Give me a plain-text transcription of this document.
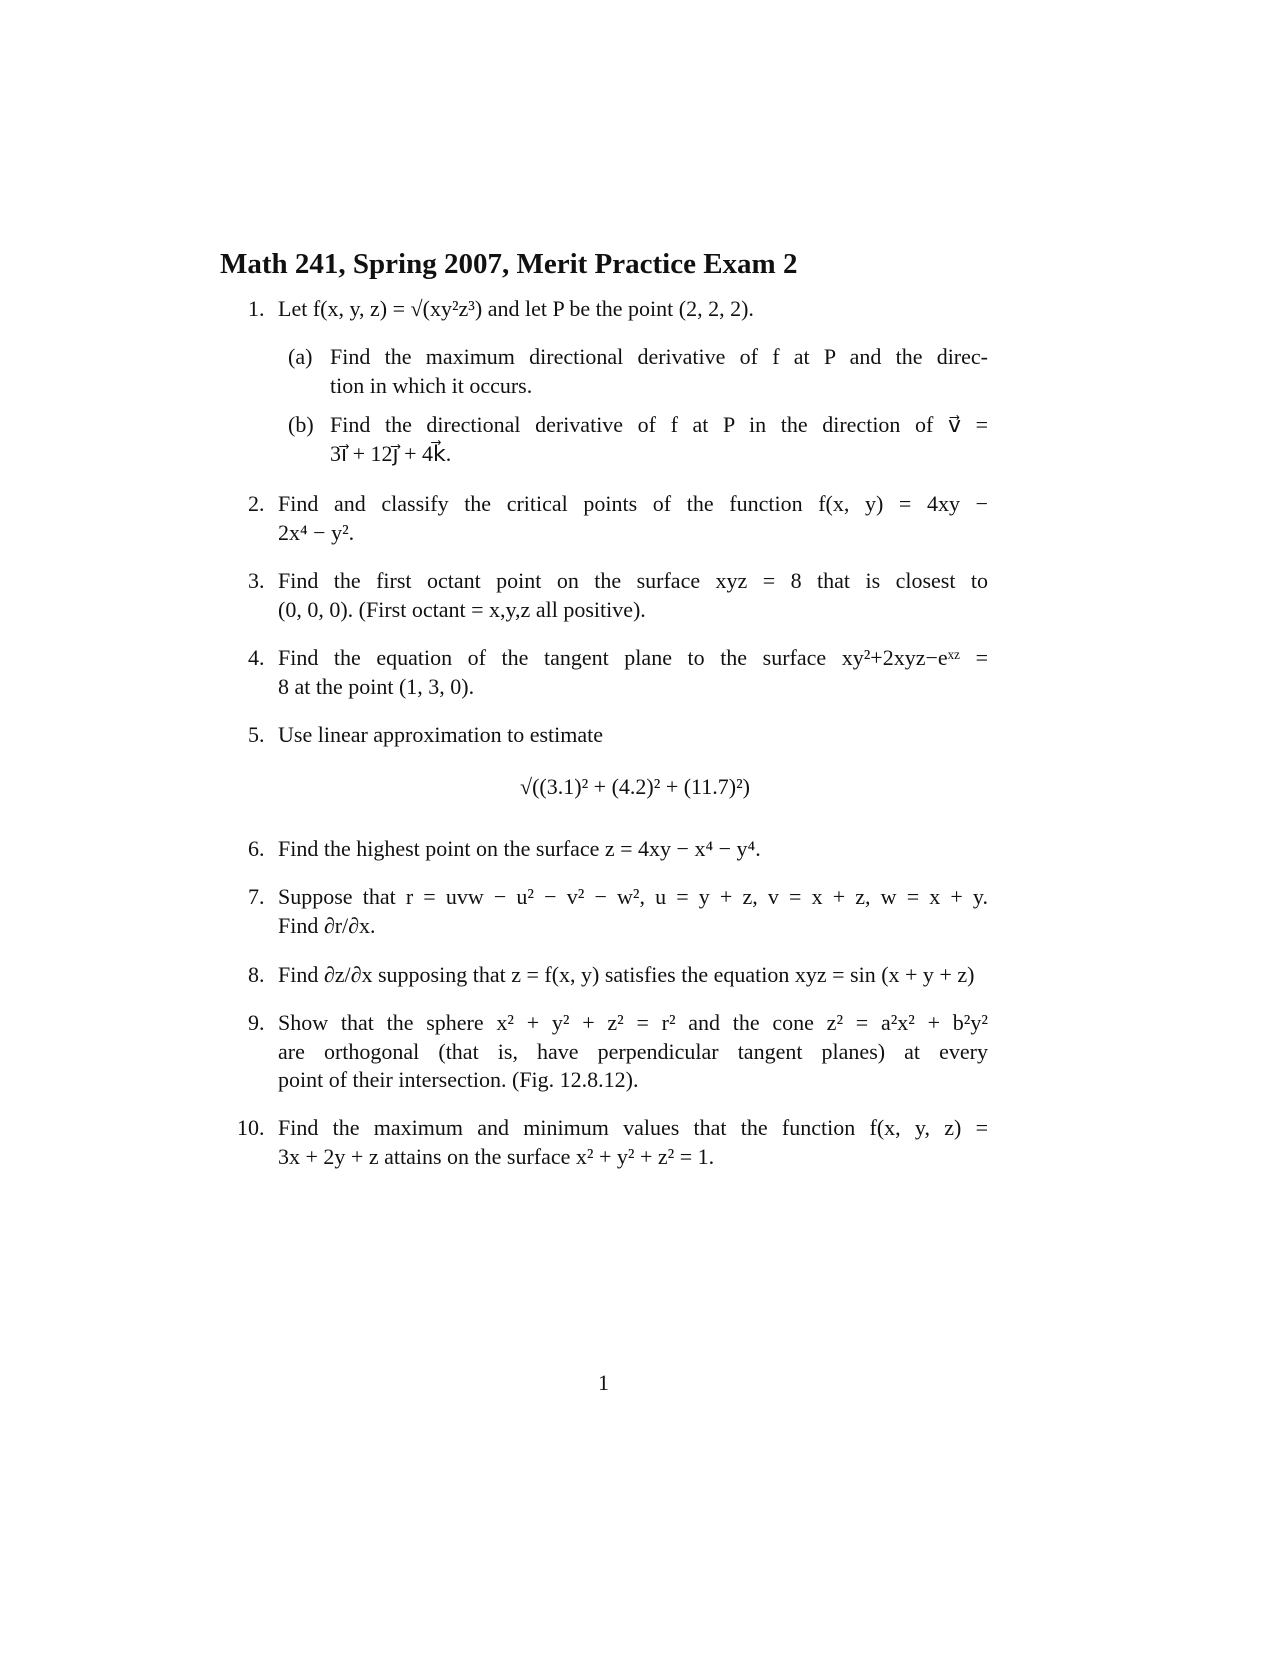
Math 241, Spring 2007, Merit Practice Exam 2
1. Let f(x, y, z) = √(xy²z³) and let P be the point (2, 2, 2).
(a) Find the maximum directional derivative of f at P and the direc-
tion in which it occurs.
(b) Find the directional derivative of f at P in the direction of v⃗ =
3i⃗ + 12j⃗ + 4k⃗.
2. Find and classify the critical points of the function f(x, y) = 4xy −
2x⁴ − y².
3. Find the first octant point on the surface xyz = 8 that is closest to
(0, 0, 0). (First octant = x,y,z all positive).
4. Find the equation of the tangent plane to the surface xy²+2xyz−eˣᶻ =
8 at the point (1, 3, 0).
5. Use linear approximation to estimate
√((3.1)² + (4.2)² + (11.7)²)
6. Find the highest point on the surface z = 4xy − x⁴ − y⁴.
7. Suppose that r = uvw − u² − v² − w², u = y + z, v = x + z, w = x + y.
Find ∂r/∂x.
8. Find ∂z/∂x supposing that z = f(x, y) satisfies the equation xyz = sin (x + y + z)
9. Show that the sphere x² + y² + z² = r² and the cone z² = a²x² + b²y²
are orthogonal (that is, have perpendicular tangent planes) at every
point of their intersection. (Fig. 12.8.12).
10. Find the maximum and minimum values that the function f(x, y, z) =
3x + 2y + z attains on the surface x² + y² + z² = 1.
1
